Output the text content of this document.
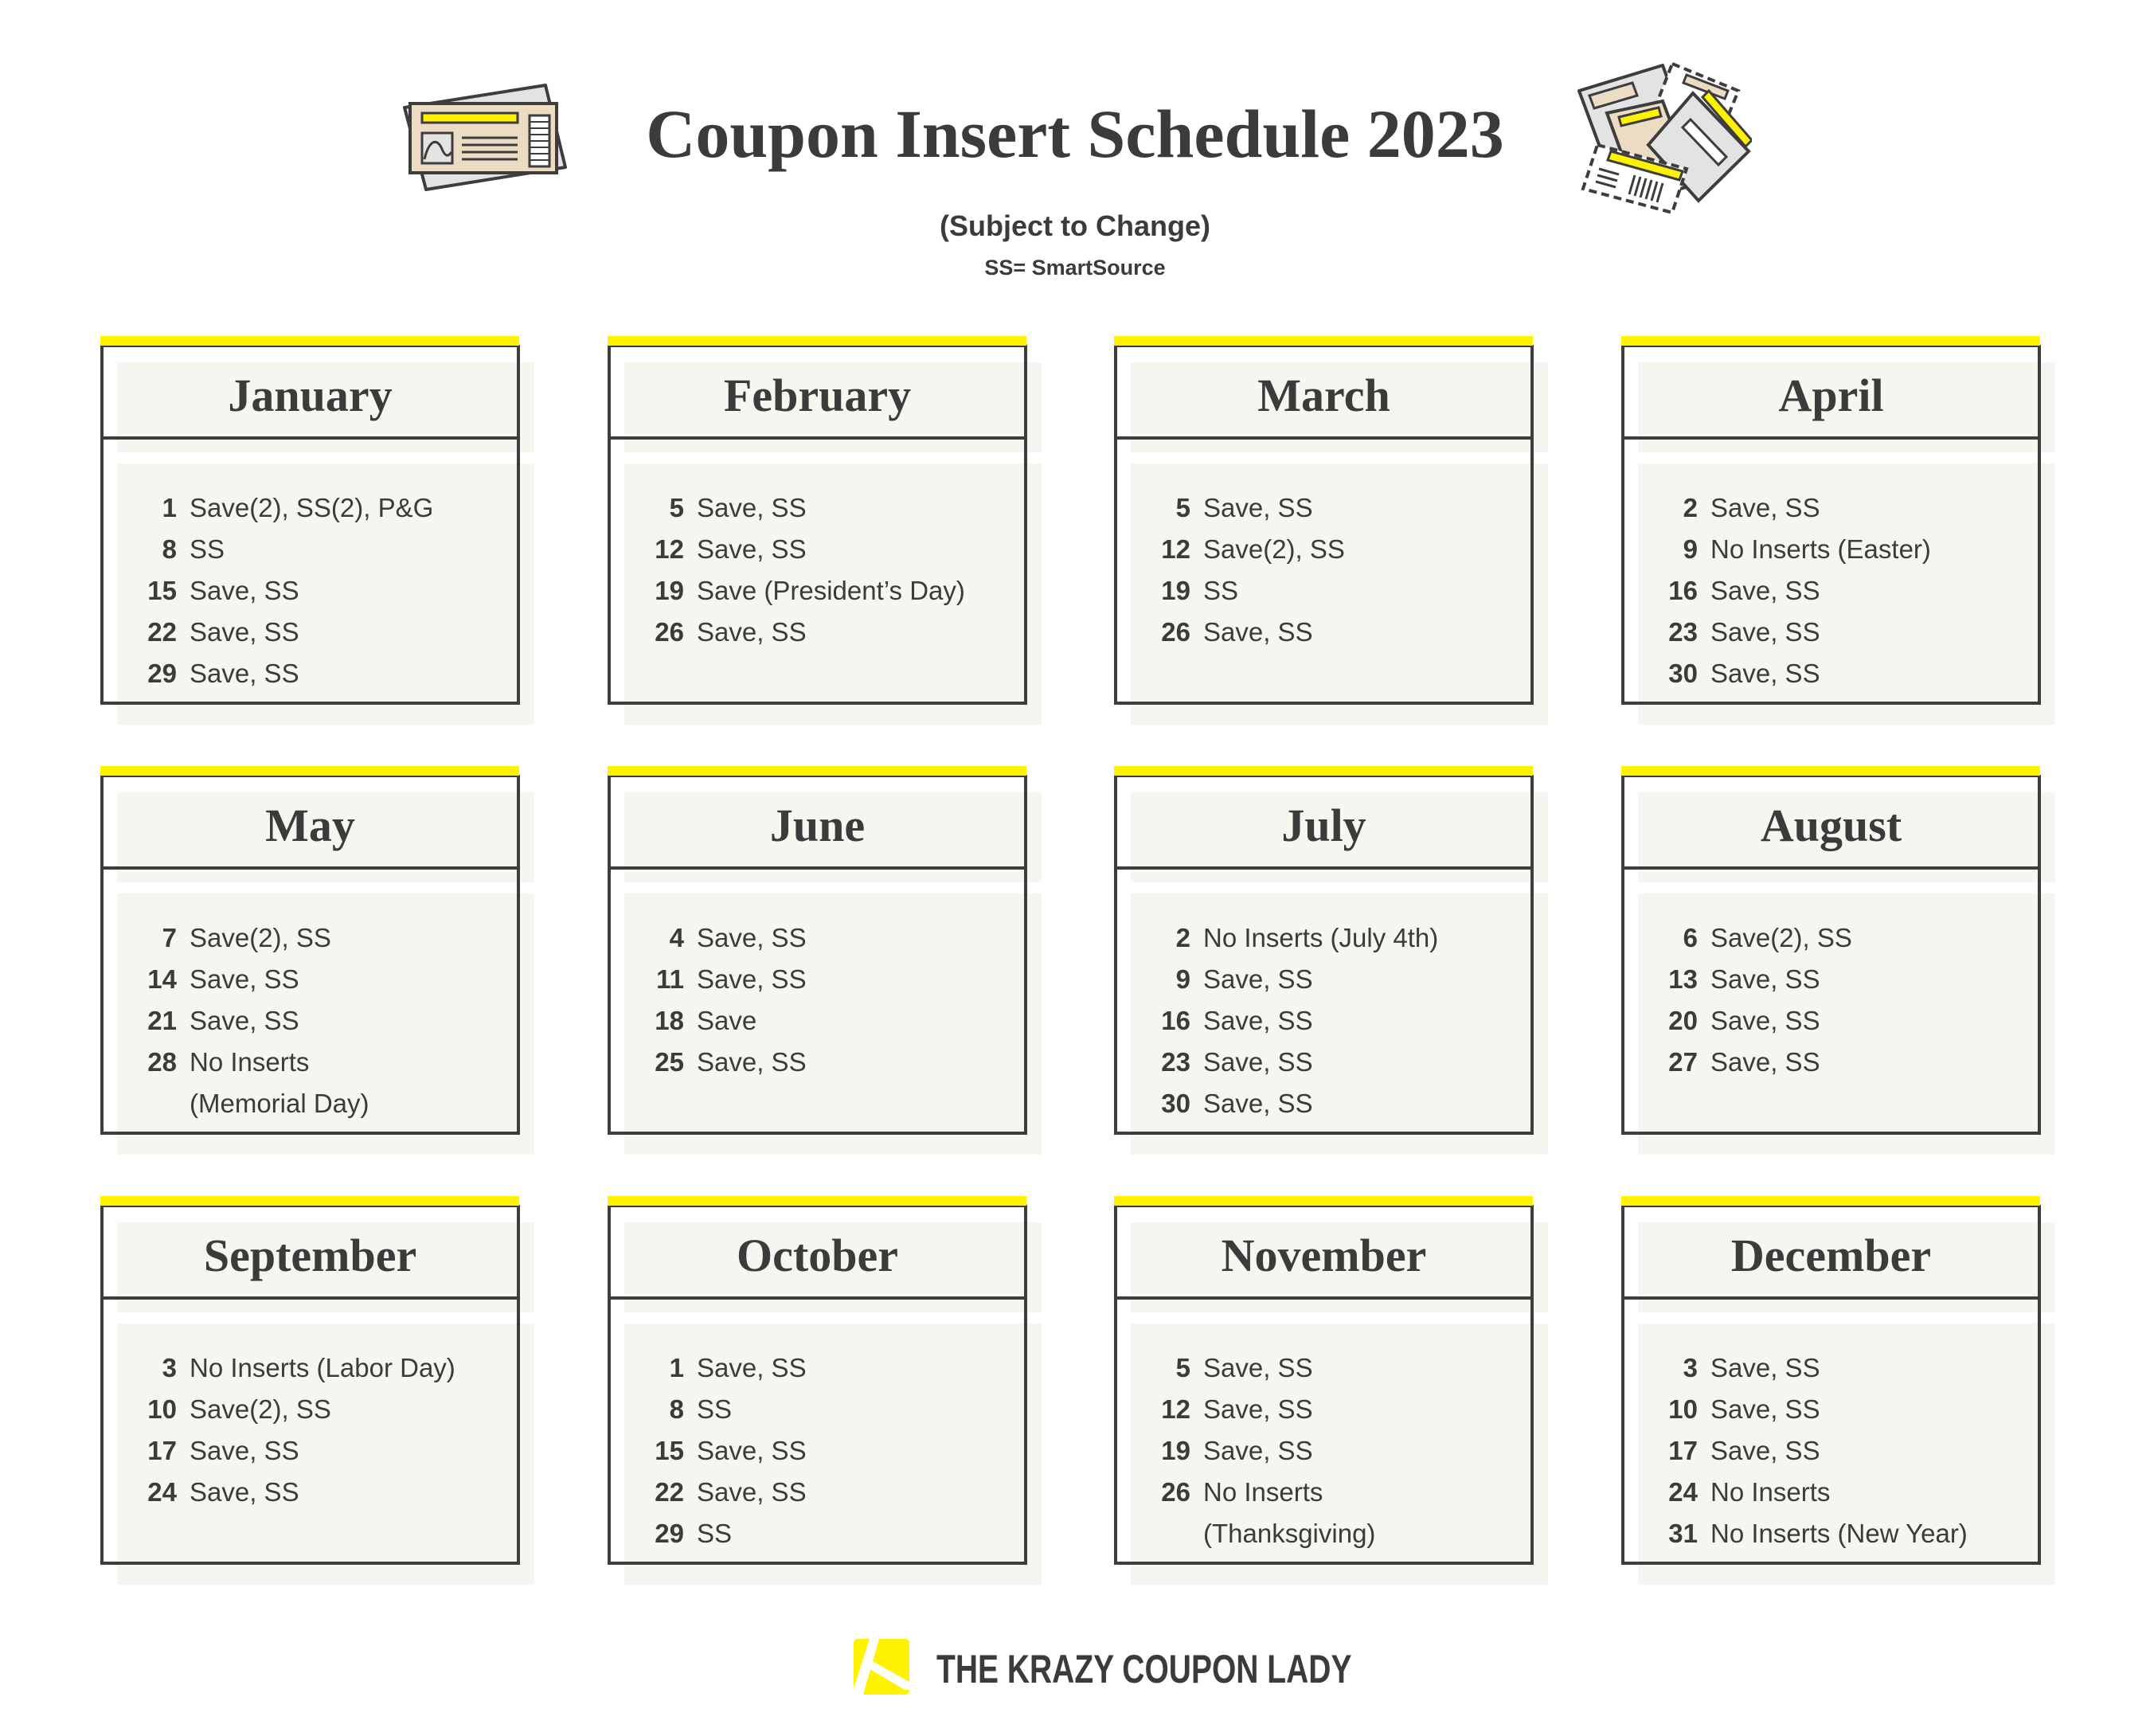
Coupon Insert Schedule 2023
(Subject to Change)
SS= SmartSource
January
1 Save(2), SS(2), P&G
8 SS
15 Save, SS
22 Save, SS
29 Save, SS
February
5 Save, SS
12 Save, SS
19 Save (President’s Day)
26 Save, SS
March
5 Save, SS
12 Save(2), SS
19 SS
26 Save, SS
April
2 Save, SS
9 No Inserts (Easter)
16 Save, SS
23 Save, SS
30 Save, SS
May
7 Save(2), SS
14 Save, SS
21 Save, SS
28 No Inserts (Memorial Day)
June
4 Save, SS
11 Save, SS
18 Save
25 Save, SS
July
2 No Inserts (July 4th)
9 Save, SS
16 Save, SS
23 Save, SS
30 Save, SS
August
6 Save(2), SS
13 Save, SS
20 Save, SS
27 Save, SS
September
3 No Inserts (Labor Day)
10 Save(2), SS
17 Save, SS
24 Save, SS
October
1 Save, SS
8 SS
15 Save, SS
22 Save, SS
29 SS
November
5 Save, SS
12 Save, SS
19 Save, SS
26 No Inserts (Thanksgiving)
December
3 Save, SS
10 Save, SS
17 Save, SS
24 No Inserts
31 No Inserts (New Year)
THE KRAZY COUPON LADY
